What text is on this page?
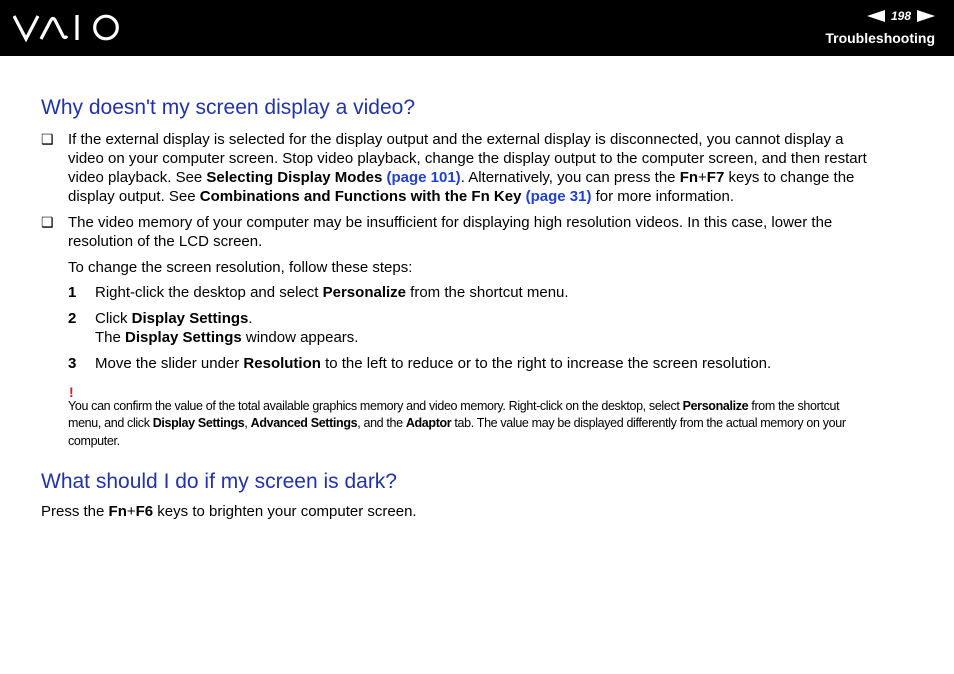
198
Troubleshooting
Why doesn't my screen display a video?
❑ If the external display is selected for the display output and the external display is disconnected, you cannot display a
video on your computer screen. Stop video playback, change the display output to the computer screen, and then restart
video playback. See Selecting Display Modes (page 101). Alternatively, you can press the Fn+F7 keys to change the
display output. See Combinations and Functions with the Fn Key (page 31) for more information.
❑ The video memory of your computer may be insufficient for displaying high resolution videos. In this case, lower the
resolution of the LCD screen.
To change the screen resolution, follow these steps:
1 Right-click the desktop and select Personalize from the shortcut menu.
2 Click Display Settings.
The Display Settings window appears.
3 Move the slider under Resolution to the left to reduce or to the right to increase the screen resolution.
!
You can confirm the value of the total available graphics memory and video memory. Right-click on the desktop, select Personalize from the shortcut
menu, and click Display Settings, Advanced Settings, and the Adaptor tab. The value may be displayed differently from the actual memory on your
computer.
What should I do if my screen is dark?
Press the Fn+F6 keys to brighten your computer screen.
